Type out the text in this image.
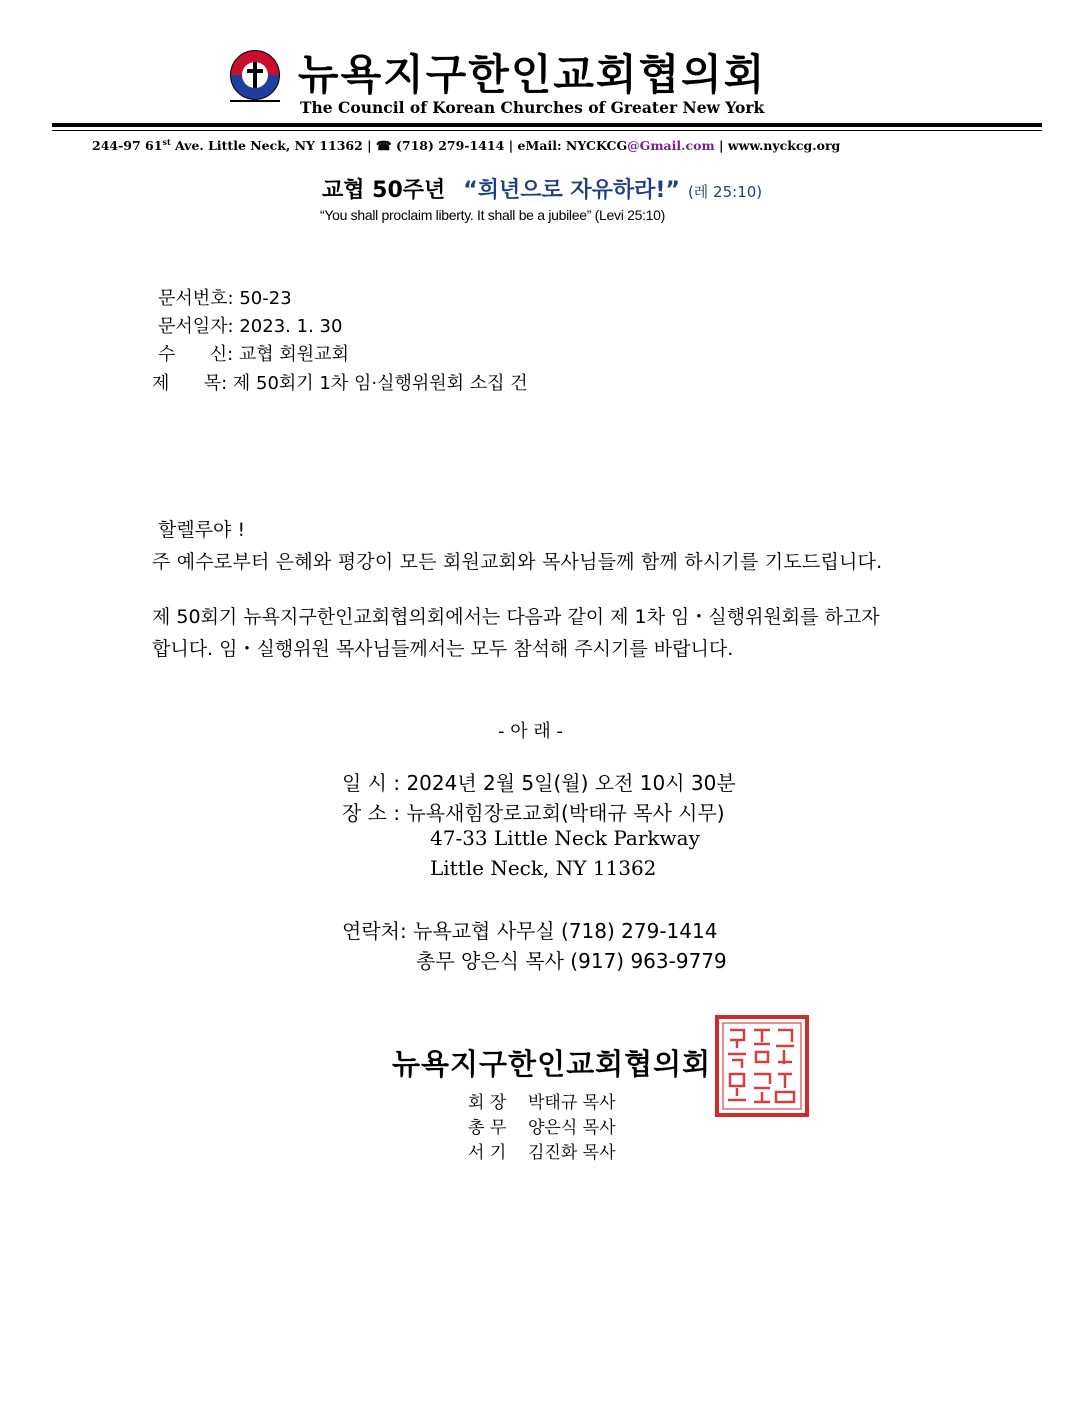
뉴욕지구한인교회협의회
The Council of Korean Churches of Greater New York
244-97 61st Ave. Little Neck, NY 11362 | ☎ (718) 279-1414 | eMail: NYCKCG@Gmail.com | www.nyckcg.org
교협 50주년 “희년으로 자유하라!” (레 25:10)
“You shall proclaim liberty. It shall be a jubilee” (Levi 25:10)
문서번호: 50-23
문서일자: 2023. 1. 30
수      신: 교협 회원교회
제      목: 제 50회기 1차 임·실행위원회 소집 건
할렐루야 !
주 예수로부터 은혜와 평강이 모든 회원교회와 목사님들께 함께 하시기를 기도드립니다.
제 50회기 뉴욕지구한인교회협의회에서는 다음과 같이 제 1차 임・실행위원회를 하고자
합니다. 임・실행위원 목사님들께서는 모두 참석해 주시기를 바랍니다.
- 아 래 -
일 시 : 2024년 2월 5일(월) 오전 10시 30분
장 소 : 뉴욕새힘장로교회(박태규 목사 시무)
47-33 Little Neck Parkway
Little Neck, NY 11362
연락처: 뉴욕교협 사무실 (718) 279-1414
총무 양은식 목사 (917) 963-9779
뉴욕지구한인교회협의회
회 장 박태규 목사
총 무 양은식 목사
서 기 김진화 목사
